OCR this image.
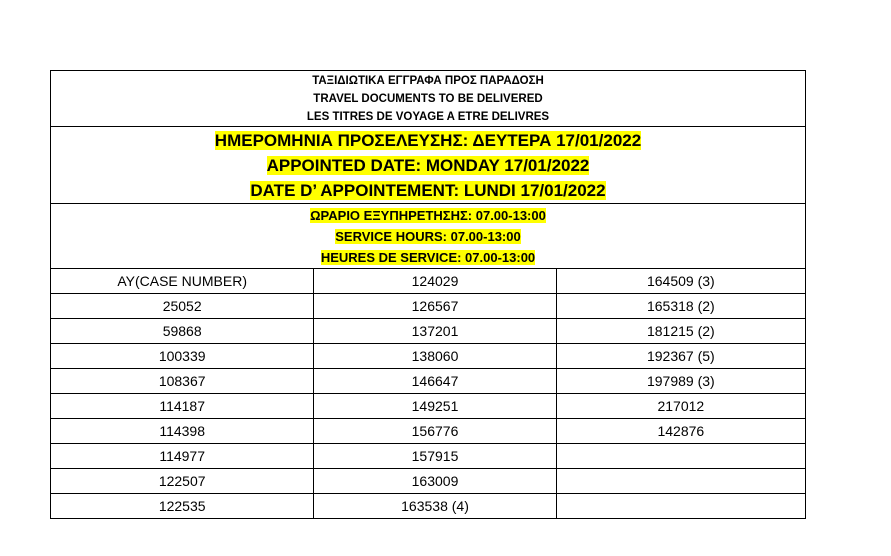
ΤΑΞΙΔΙΩΤΙΚΑ ΕΓΓΡΑΦΑ ΠΡΟΣ ΠΑΡΑΔΟΣΗ
TRAVEL DOCUMENTS TO BE DELIVERED
LES TITRES DE VOYAGE A ETRE DELIVRES		

ΗΜΕΡΟΜΗΝΙΑ ΠΡΟΣΕΛΕΥΣΗΣ: ΔΕΥΤΕΡΑ 17/01/2022
APPOINTED DATE: MONDAY 17/01/2022
DATE D’ APPOINTEMENT: LUNDI 17/01/2022		
ΩΡΑΡΙΟ ΕΞΥΠΗΡΕΤΗΣΗΣ: 07.00-13:00
SERVICE HOURS: 07.00-13:00
HEURES DE SERVICE: 07.00-13:00		
ΑΥ(CASE NUMBER)	124029	164509 (3)
25052	126567	165318 (2)
59868	137201	181215 (2)
100339	138060	192367 (5)
108367	146647	197989 (3)
114187	149251	217012
114398	156776	142876
114977	157915	
122507	163009	
122535	163538 (4)	
